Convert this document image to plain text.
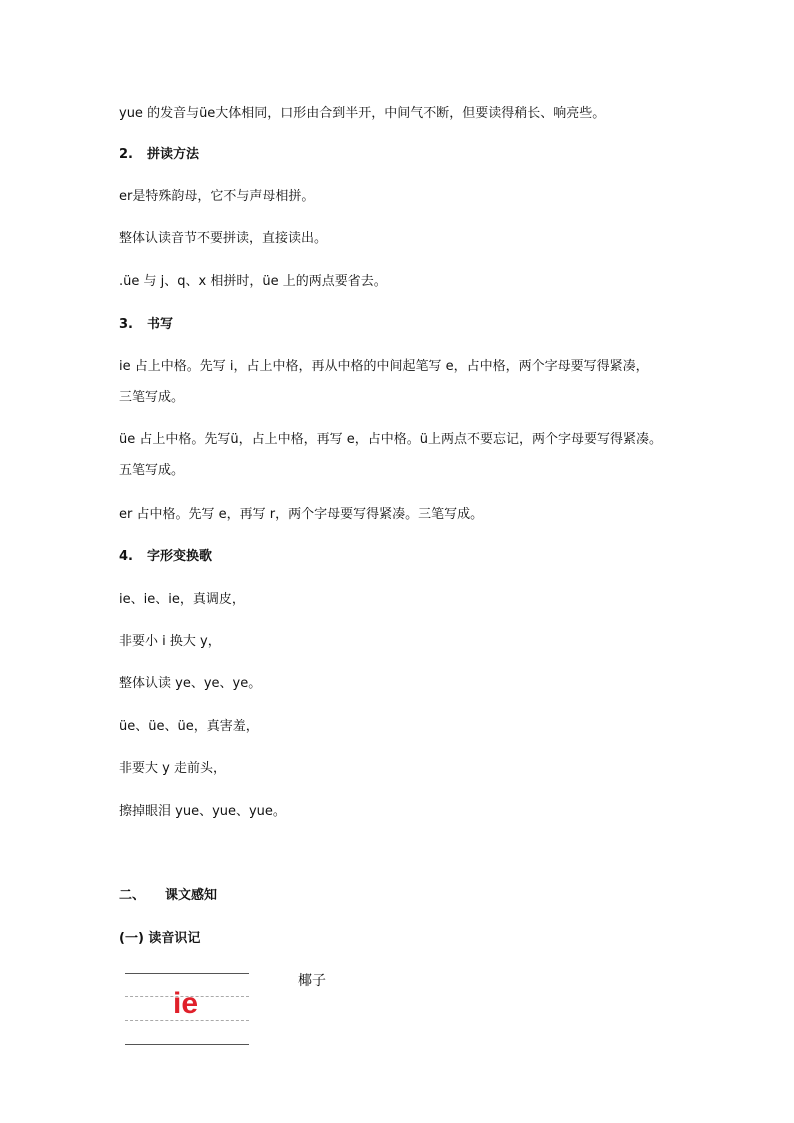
yue 的发音与üe大体相同，口形由合到半开，中间气不断，但要读得稍长、响亮些。
2. 拼读方法
er是特殊韵母，它不与声母相拼。
整体认读音节不要拼读，直接读出。
.üe 与 j、q、x 相拼时，üe 上的两点要省去。
3. 书写
ie 占上中格。先写 i，占上中格，再从中格的中间起笔写 e，占中格，两个字母要写得紧凑，
三笔写成。
üe 占上中格。先写ü，占上中格，再写 e，占中格。ü上两点不要忘记，两个字母要写得紧凑。
五笔写成。
er 占中格。先写 e，再写 r，两个字母要写得紧凑。三笔写成。
4. 字形变换歌
ie、ie、ie，真调皮，
非要小 i 换大 y，
整体认读 ye、ye、ye。
üe、üe、üe，真害羞，
非要大 y 走前头，
擦掉眼泪 yue、yue、yue。
二、 课文感知
(一) 读音识记
ie
椰子
